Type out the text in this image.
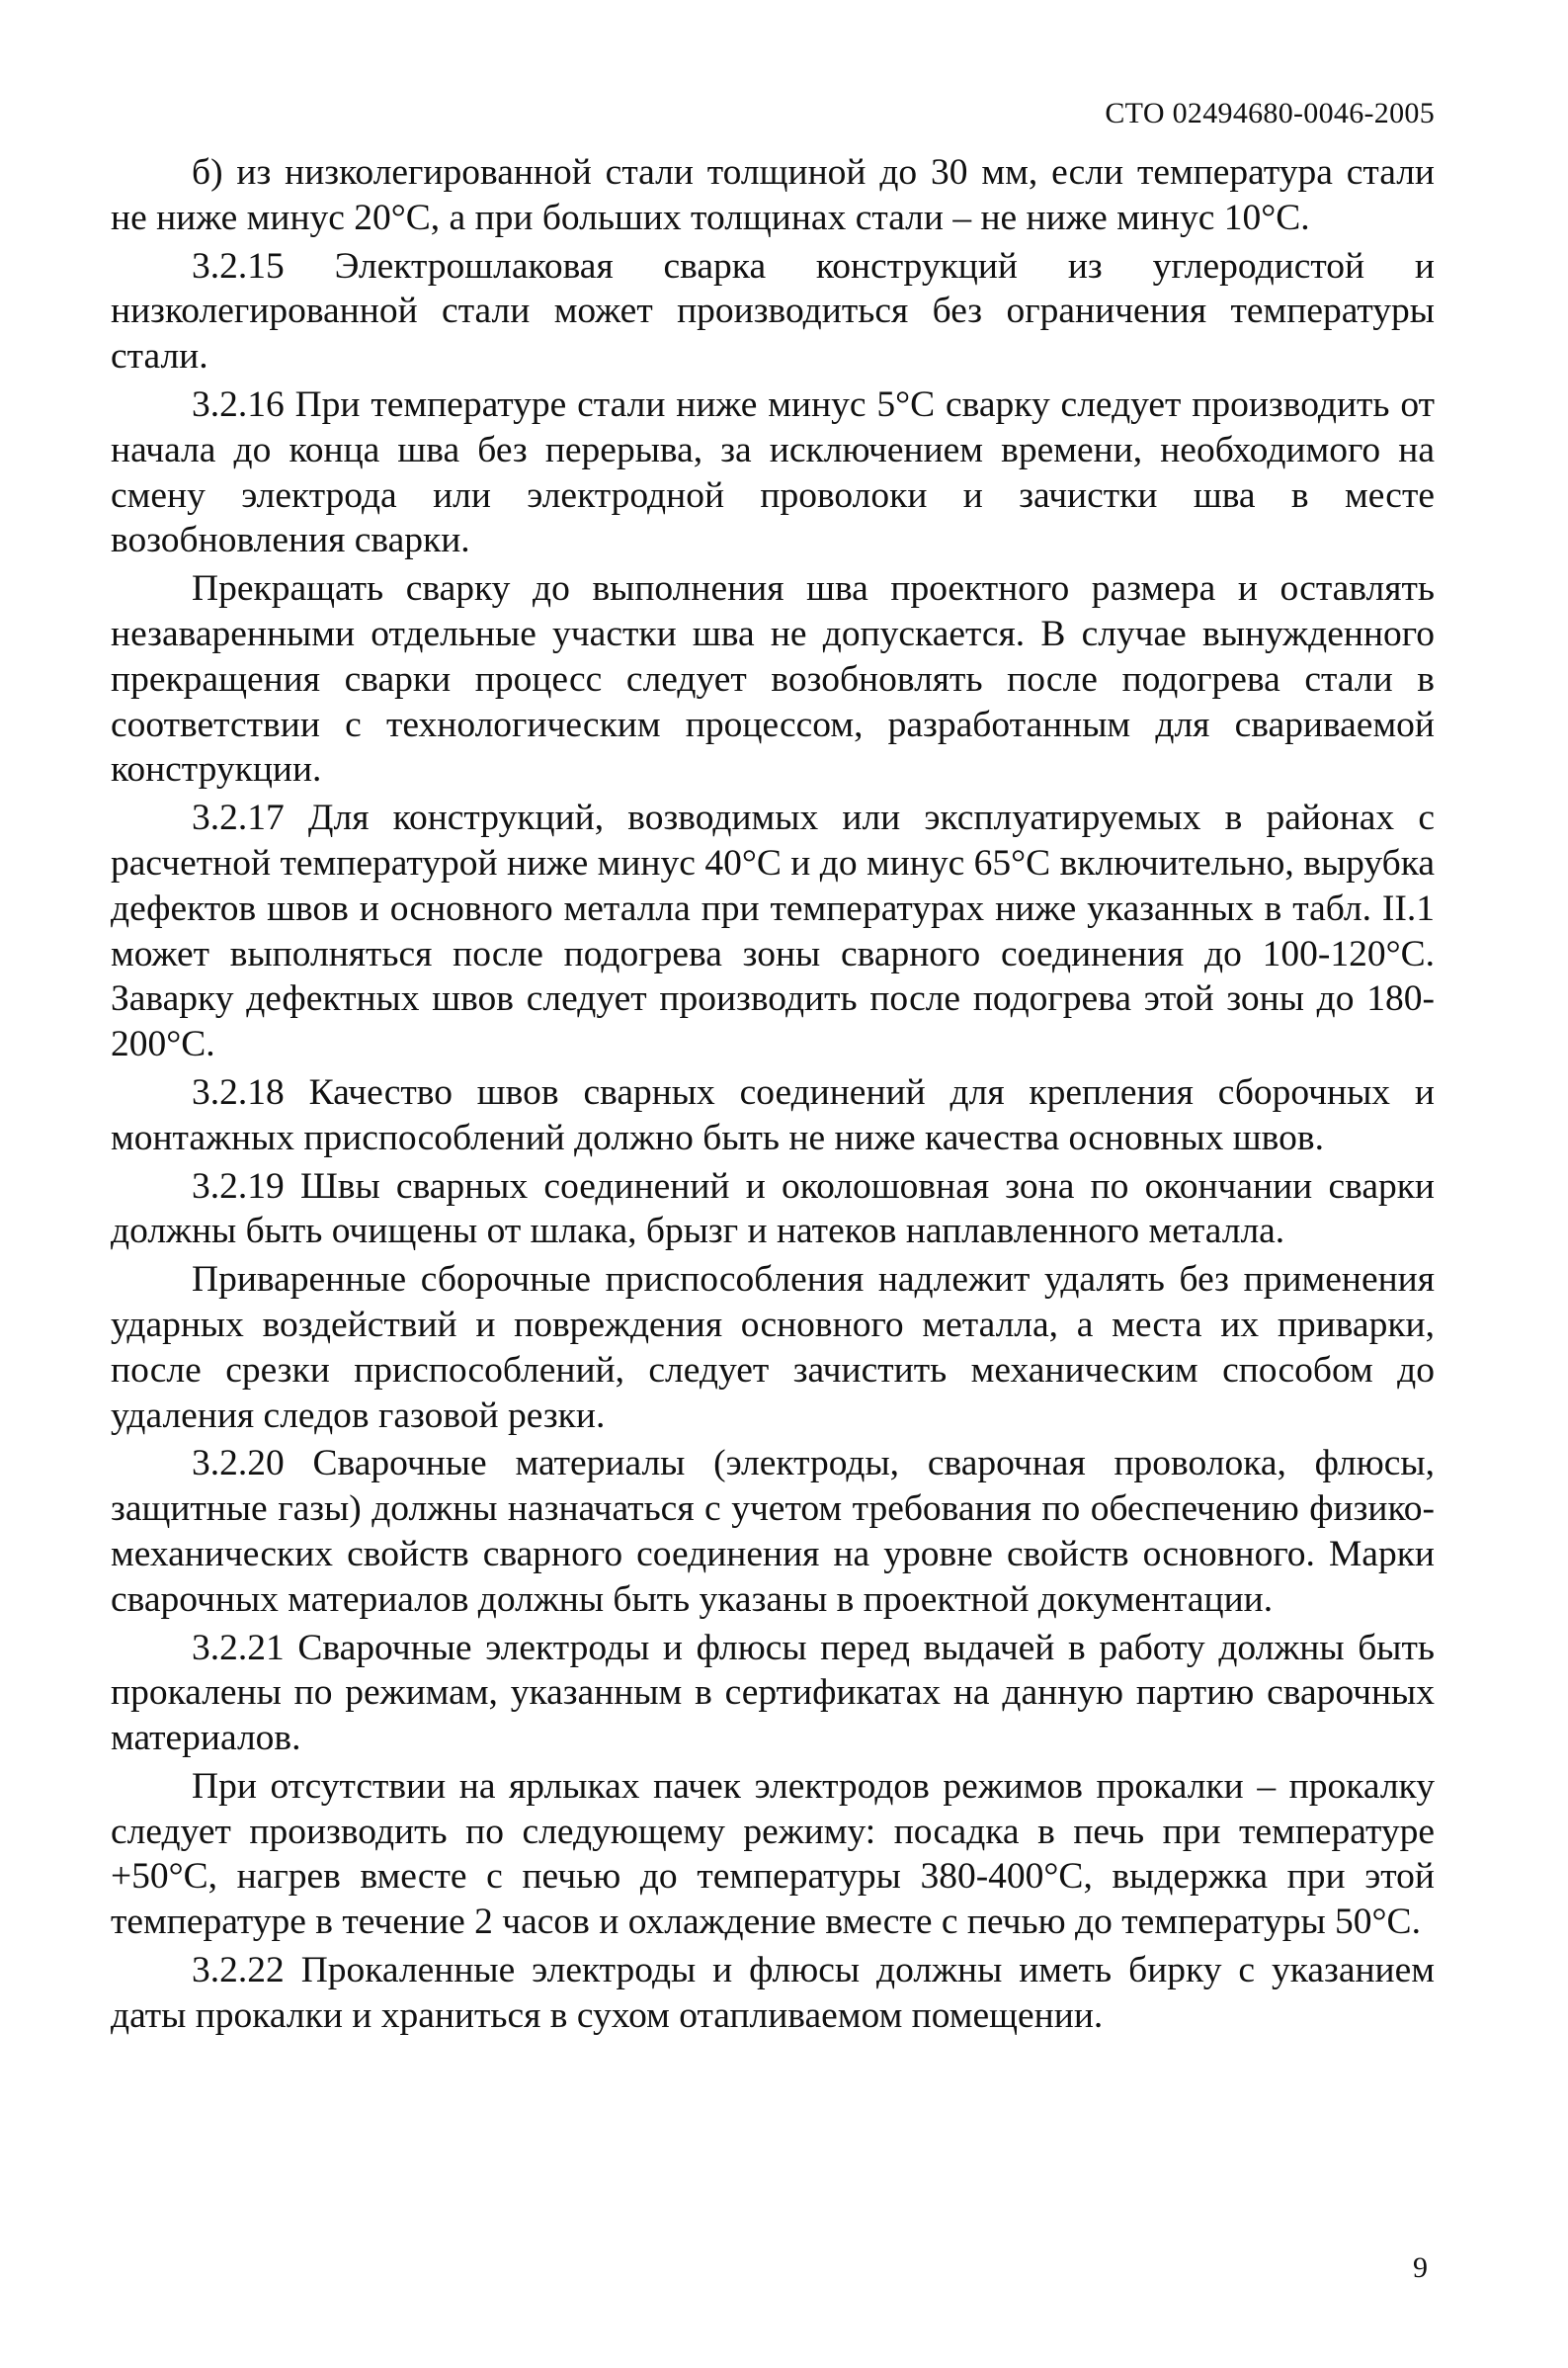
СТО 02494680-0046-2005

б) из низколегированной стали толщиной до 30 мм, если температура стали не ниже минус 20°С, а при больших толщинах стали – не ниже минус 10°С.

3.2.15 Электрошлаковая сварка конструкций из углеродистой и низколегированной стали может производиться без ограничения температуры стали.

3.2.16 При температуре стали ниже минус 5°С сварку следует производить от начала до конца шва без перерыва, за исключением времени, необходимого на смену электрода или электродной проволоки и зачистки шва в месте возобновления сварки.

Прекращать сварку до выполнения шва проектного размера и оставлять незаваренными отдельные участки шва не допускается. В случае вынужденного прекращения сварки процесс следует возобновлять после подогрева стали в соответствии с технологическим процессом, разработанным для свариваемой конструкции.

3.2.17 Для конструкций, возводимых или эксплуатируемых в районах с расчетной температурой ниже минус 40°С и до минус 65°С включительно, вырубка дефектов швов и основного металла при температурах ниже указанных в табл. II.1 может выполняться после подогрева зоны сварного соединения до 100-120°С. Заварку дефектных швов следует производить после подогрева этой зоны до 180-200°С.

3.2.18 Качество швов сварных соединений для крепления сборочных и монтажных приспособлений должно быть не ниже качества основных швов.

3.2.19 Швы сварных соединений и околошовная зона по окончании сварки должны быть очищены от шлака, брызг и натеков наплавленного металла.

Приваренные сборочные приспособления надлежит удалять без применения ударных воздействий и повреждения основного металла, а места их приварки, после срезки приспособлений, следует зачистить механическим способом до удаления следов газовой резки.

3.2.20 Сварочные материалы (электроды, сварочная проволока, флюсы, защитные газы) должны назначаться с учетом требования по обеспечению физико-механических свойств сварного соединения на уровне свойств основного. Марки сварочных материалов должны быть указаны в проектной документации.

3.2.21 Сварочные электроды и флюсы перед выдачей в работу должны быть прокалены по режимам, указанным в сертификатах на данную партию сварочных материалов.

При отсутствии на ярлыках пачек электродов режимов прокалки – прокалку следует производить по следующему режиму: посадка в печь при температуре +50°С, нагрев вместе с печью до температуры 380-400°С, выдержка при этой температуре в течение 2 часов и охлаждение вместе с печью до температуры 50°С.

3.2.22 Прокаленные электроды и флюсы должны иметь бирку с указанием даты прокалки и храниться в сухом отапливаемом помещении.

9
